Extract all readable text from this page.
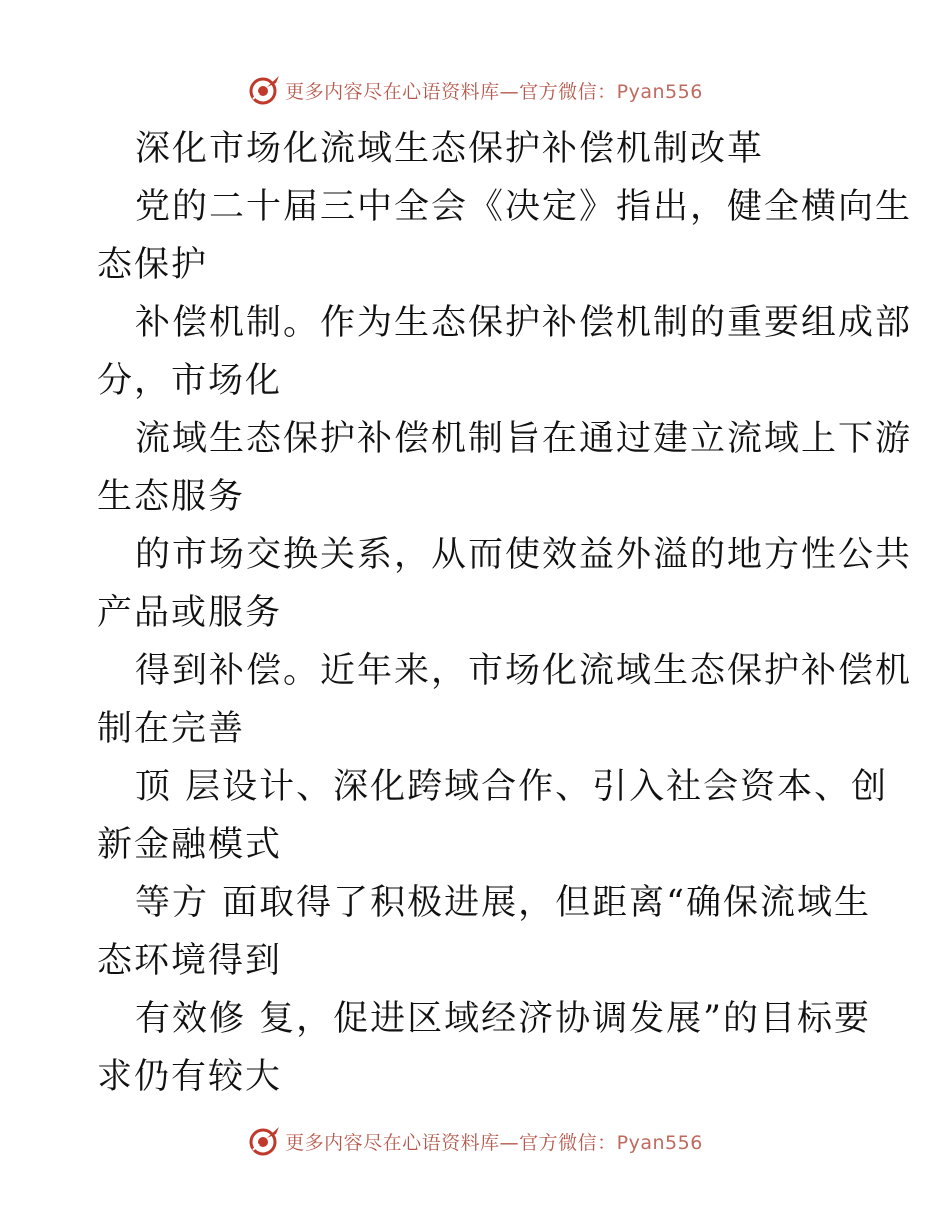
更多内容尽在心语资料库—官方微信：Pyan556
深化市场化流域生态保护补偿机制改革
党的二十届三中全会《决定》指出，健全横向生
态保护
补偿机制。作为生态保护补偿机制的重要组成部
分，市场化
流域生态保护补偿机制旨在通过建立流域上下游
生态服务
的市场交换关系，从而使效益外溢的地方性公共
产品或服务
得到补偿。近年来，市场化流域生态保护补偿机
制在完善
顶 层设计、深化跨域合作、引入社会资本、创
新金融模式
等方 面取得了积极进展，但距离“确保流域生
态环境得到
有效修 复，促进区域经济协调发展”的目标要
求仍有较大
更多内容尽在心语资料库—官方微信：Pyan556
